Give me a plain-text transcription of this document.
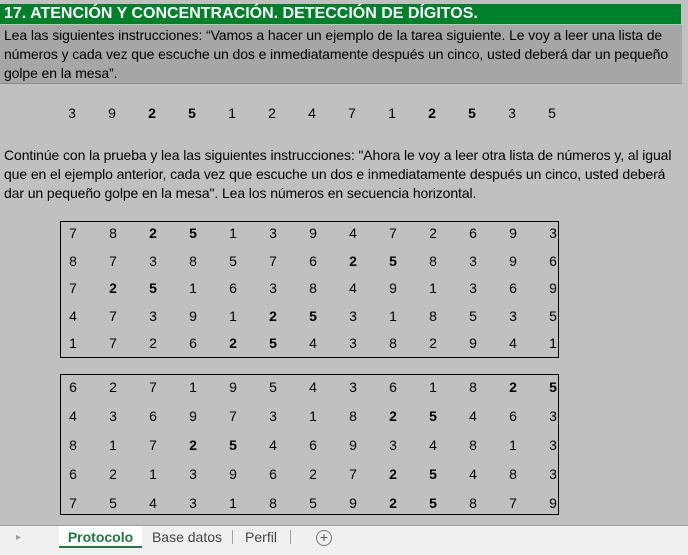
17. ATENCIÓN Y CONCENTRACIÓN. DETECCIÓN DE DÍGITOS.
Lea las siguientes instrucciones: “Vamos a hacer un ejemplo de la tarea siguiente. Le voy a leer una lista de números y cada vez que escuche un dos e inmediatamente después un cinco, usted deberá dar un pequeño golpe en la mesa”.
3	9	2	5	1	2	4	7	1	2	5	3	5
Continúe con la prueba y lea las siguientes instrucciones: "Ahora le voy a leer otra lista de números y, al igual que en el ejemplo anterior, cada vez que escuche un dos e inmediatamente después un cinco, usted deberá dar un pequeño golpe en la mesa". Lea los números en secuencia horizontal.
7	8	2	5	1	3	9	4	7	2	6	9	3
8	7	3	8	5	7	6	2	5	8	3	9	6
7	2	5	1	6	3	8	4	9	1	3	6	9
4	7	3	9	1	2	5	3	1	8	5	3	5
1	7	2	6	2	5	4	3	8	2	9	4	1
6	2	7	1	9	5	4	3	6	1	8	2	5
4	3	6	9	7	3	1	8	2	5	4	6	3
8	1	7	2	5	4	6	9	3	4	8	1	3
6	2	1	3	9	6	2	7	2	5	4	8	3
7	5	4	3	1	8	5	9	2	5	8	7	9
▸	Protocolo	Base datos	Perfil	+
